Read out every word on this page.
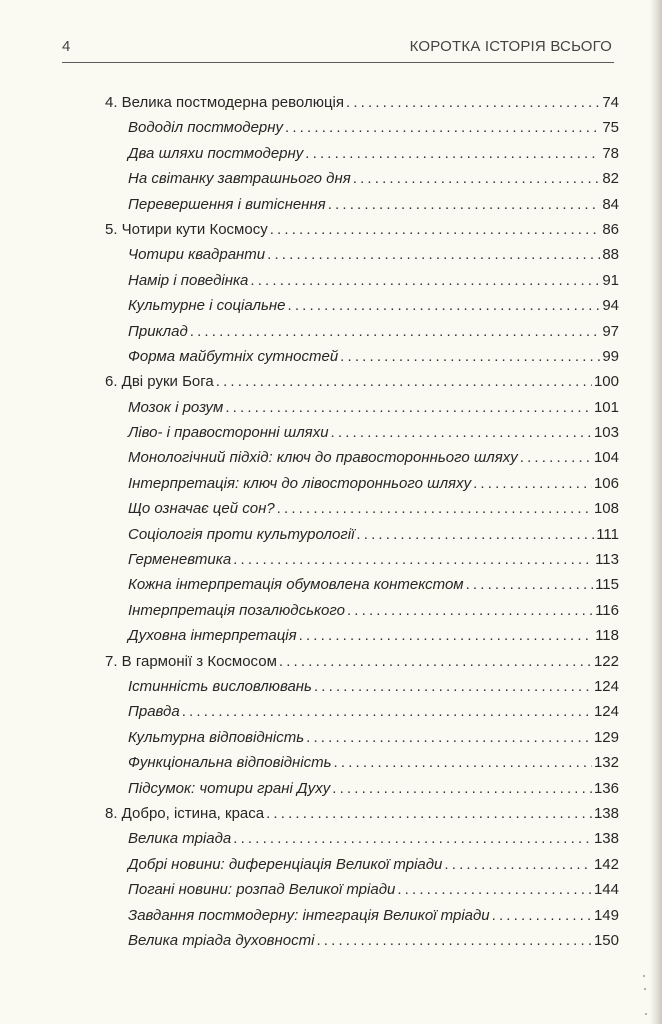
4	КОРОТКА ІСТОРІЯ ВСЬОГО
4. Велика постмодерна революція . . .	74
Вододіл постмодерну . . .	75
Два шляхи постмодерну . . .	78
На світанку завтрашнього дня . . .	82
Перевершення і витіснення . . .	84
5. Чотири кути Космосу . . .	86
Чотири квадранти . . .	88
Намір і поведінка . . .	91
Культурне і соціальне . . .	94
Приклад . . .	97
Форма майбутніх сутностей . . .	99
6. Дві руки Бога . . .	100
Мозок і розум . . .	101
Ліво- і правосторонні шляхи . . .	103
Монологічний підхід: ключ до правостороннього шляху . . .	104
Інтерпретація: ключ до лівостороннього шляху . . .	106
Що означає цей сон? . . .	108
Соціологія проти культурології . . .	111
Герменевтика . . .	113
Кожна інтерпретація обумовлена контекстом . . .	115
Інтерпретація позалюдського . . .	116
Духовна інтерпретація . . .	118
7. В гармонії з Космосом . . .	122
Істинність висловлювань . . .	124
Правда . . .	124
Культурна відповідність . . .	129
Функціональна відповідність . . .	132
Підсумок: чотири грані Духу . . .	136
8. Добро, істина, краса . . .	138
Велика тріада . . .	138
Добрі новини: диференціація Великої тріади . . .	142
Погані новини: розпад Великої тріади . . .	144
Завдання постмодерну: інтеграція Великої тріади . . .	149
Велика тріада духовності . . .	150
